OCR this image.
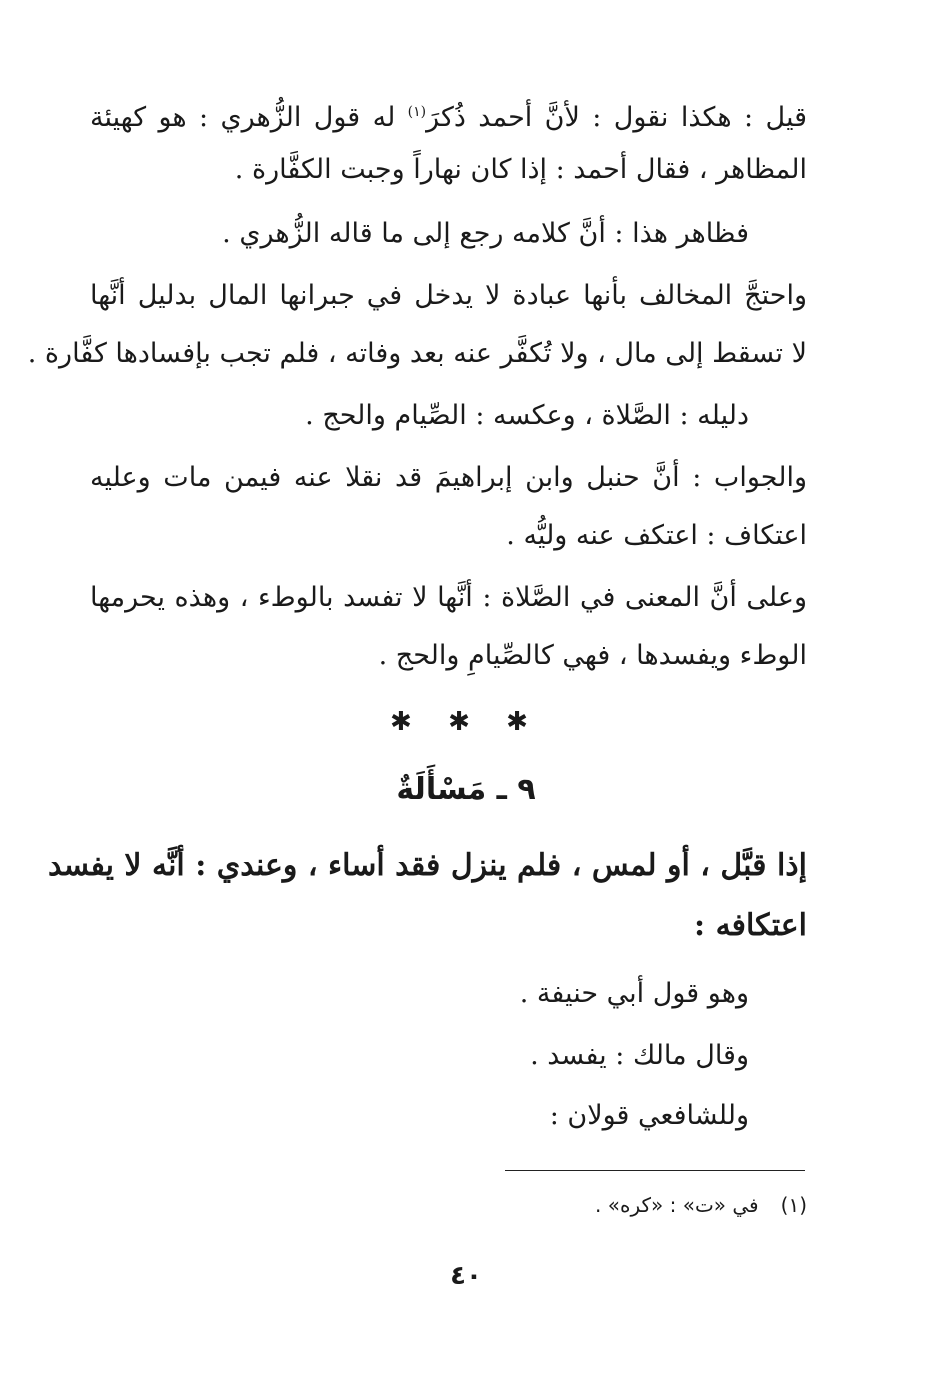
قيل : هكذا نقول : لأنَّ أحمد ذُكرَ$^{(١)}$ له قول الزُّهري : هو كهيئة
المظاهر ، فقال أحمد : إذا كان نهاراً وجبت الكفَّارة .
فظاهر هذا : أنَّ كلامه رجع إلى ما قاله الزُّهري .
واحتجَّ المخالف بأنها عبادة لا يدخل في جبرانها المال بدليل أنَّها
لا تسقط إلى مال ، ولا تُكفَّر عنه بعد وفاته ، فلم تجب بإفسادها كفَّارة .
دليله : الصَّلاة ، وعكسه : الصِّيام والحج .
والجواب : أنَّ حنبل وابن إبراهيمَ قد نقلا عنه فيمن مات وعليه
اعتكاف : اعتكف عنه وليُّه .
وعلى أنَّ المعنى في الصَّلاة : أنَّها لا تفسد بالوطء ، وهذه يحرمها
الوطء ويفسدها ، فهي كالصِّيامِ والحج .
✱ ✱ ✱
٩ ـ مَسْأَلَةٌ
إذا قبَّل ، أو لمس ، فلم ينزل فقد أساء ، وعندي : أنَّه لا يفسد
اعتكافه :
وهو قول أبي حنيفة .
وقال مالك : يفسد .
وللشافعي قولان :
(١)في «ت» : «كره» .
٤٠
